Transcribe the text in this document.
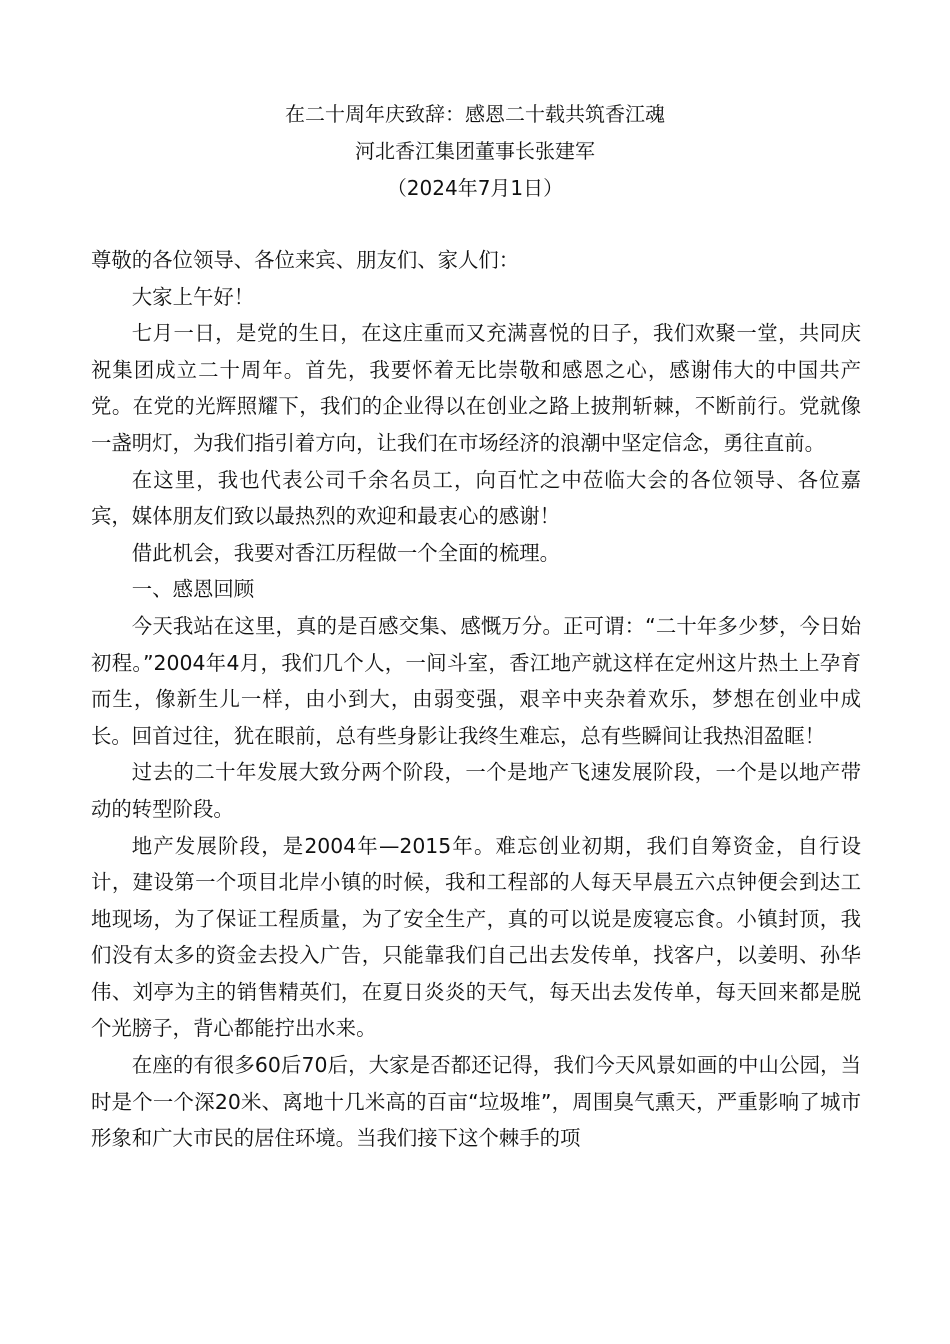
在二十周年庆致辞：感恩二十载共筑香江魂
河北香江集团董事长张建军
（2024年7月1日）

尊敬的各位领导、各位来宾、朋友们、家人们：

大家上午好！

七月一日，是党的生日，在这庄重而又充满喜悦的日子，我们欢聚一堂，共同庆祝集团成立二十周年。首先，我要怀着无比崇敬和感恩之心，感谢伟大的中国共产党。在党的光辉照耀下，我们的企业得以在创业之路上披荆斩棘，不断前行。党就像一盏明灯，为我们指引着方向，让我们在市场经济的浪潮中坚定信念，勇往直前。

在这里，我也代表公司千余名员工，向百忙之中莅临大会的各位领导、各位嘉宾，媒体朋友们致以最热烈的欢迎和最衷心的感谢！

借此机会，我要对香江历程做一个全面的梳理。

一、感恩回顾

今天我站在这里，真的是百感交集、感慨万分。正可谓：“二十年多少梦，今日始初程。”2004年4月，我们几个人，一间斗室，香江地产就这样在定州这片热土上孕育而生，像新生儿一样，由小到大，由弱变强，艰辛中夹杂着欢乐，梦想在创业中成长。回首过往，犹在眼前，总有些身影让我终生难忘，总有些瞬间让我热泪盈眶！

过去的二十年发展大致分两个阶段，一个是地产飞速发展阶段，一个是以地产带动的转型阶段。

地产发展阶段，是2004年—2015年。难忘创业初期，我们自筹资金，自行设计，建设第一个项目北岸小镇的时候，我和工程部的人每天早晨五六点钟便会到达工地现场，为了保证工程质量，为了安全生产，真的可以说是废寝忘食。小镇封顶，我们没有太多的资金去投入广告，只能靠我们自己出去发传单，找客户，以姜明、孙华伟、刘亭为主的销售精英们，在夏日炎炎的天气，每天出去发传单，每天回来都是脱个光膀子，背心都能拧出水来。

在座的有很多60后70后，大家是否都还记得，我们今天风景如画的中山公园，当时是个一个深20米、离地十几米高的百亩“垃圾堆”，周围臭气熏天，严重影响了城市形象和广大市民的居住环境。当我们接下这个棘手的项
